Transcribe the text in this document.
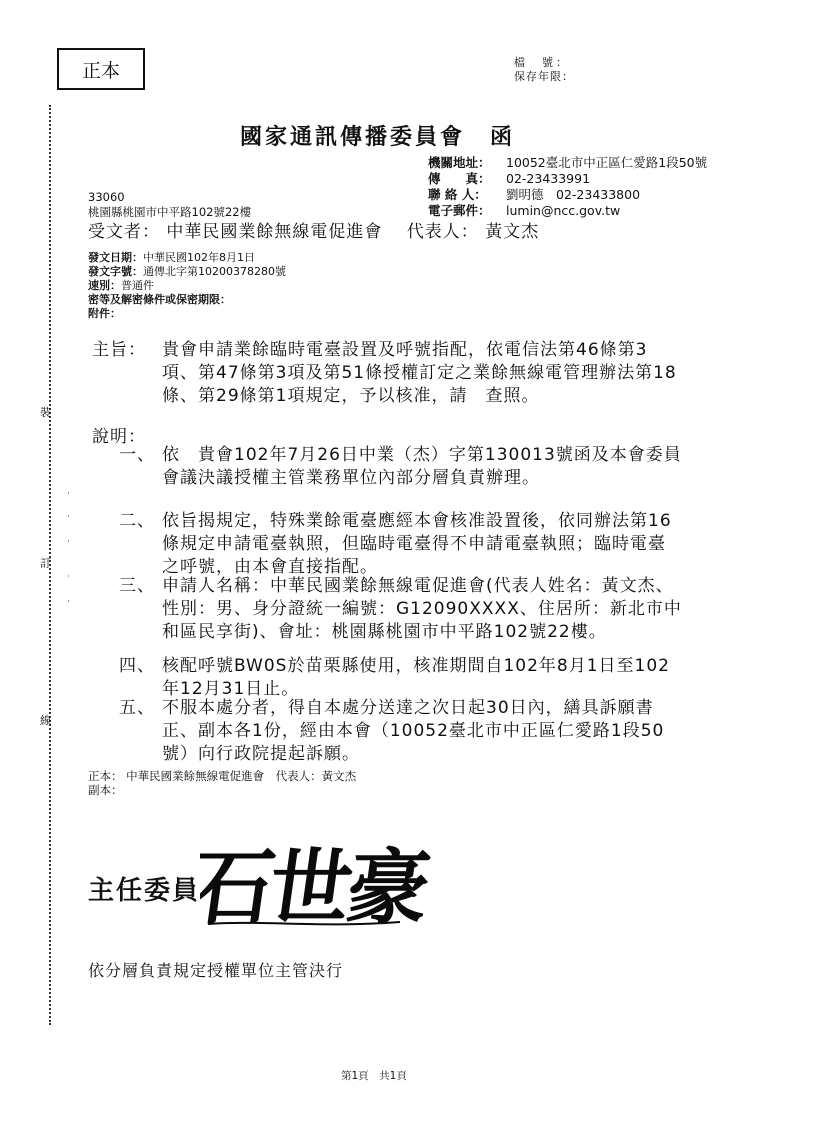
正本	檔　號：
保存年限：
裝
訂
線
˙
˙
˙
˙
˙
國家通訊傳播委員會　函
機關地址： 10052臺北市中正區仁愛路1段50號
傳　　真： 02-23433991
聯 絡 人： 劉明德　02-23433800
電子郵件： lumin@ncc.gov.tw
33060
桃園縣桃園市中平路102號22樓
受文者： 中華民國業餘無線電促進會 代表人： 黃文杰
發文日期：中華民國102年8月1日
發文字號：通傳北字第10200378280號
速別：普通件
密等及解密條件或保密期限：
附件：
主旨： 貴會申請業餘臨時電臺設置及呼號指配，依電信法第46條第3項、第47條第3項及第51條授權訂定之業餘無線電管理辦法第18條、第29條第1項規定，予以核准，請　查照。
說明：
一、 依　貴會102年7月26日中業（杰）字第130013號函及本會委員會議決議授權主管業務單位內部分層負責辦理。
二、 依旨揭規定，特殊業餘電臺應經本會核准設置後，依同辦法第16條規定申請電臺執照，但臨時電臺得不申請電臺執照；臨時電臺之呼號，由本會直接指配。
三、 申請人名稱：中華民國業餘無線電促進會(代表人姓名：黃文杰、性別：男、身分證統一編號：G12090XXXX、住居所：新北市中和區民享街)、會址：桃園縣桃園市中平路102號22樓。
四、 核配呼號BW0S於苗栗縣使用，核准期間自102年8月1日至102年12月31日止。
五、 不服本處分者，得自本處分送達之次日起30日內，繕具訴願書正、副本各1份，經由本會（10052臺北市中正區仁愛路1段50號）向行政院提起訴願。
正本： 中華民國業餘無線電促進會　代表人：黃文杰
副本：
主任委員
石世豪
依分層負責規定授權單位主管決行
第1頁　共1頁
